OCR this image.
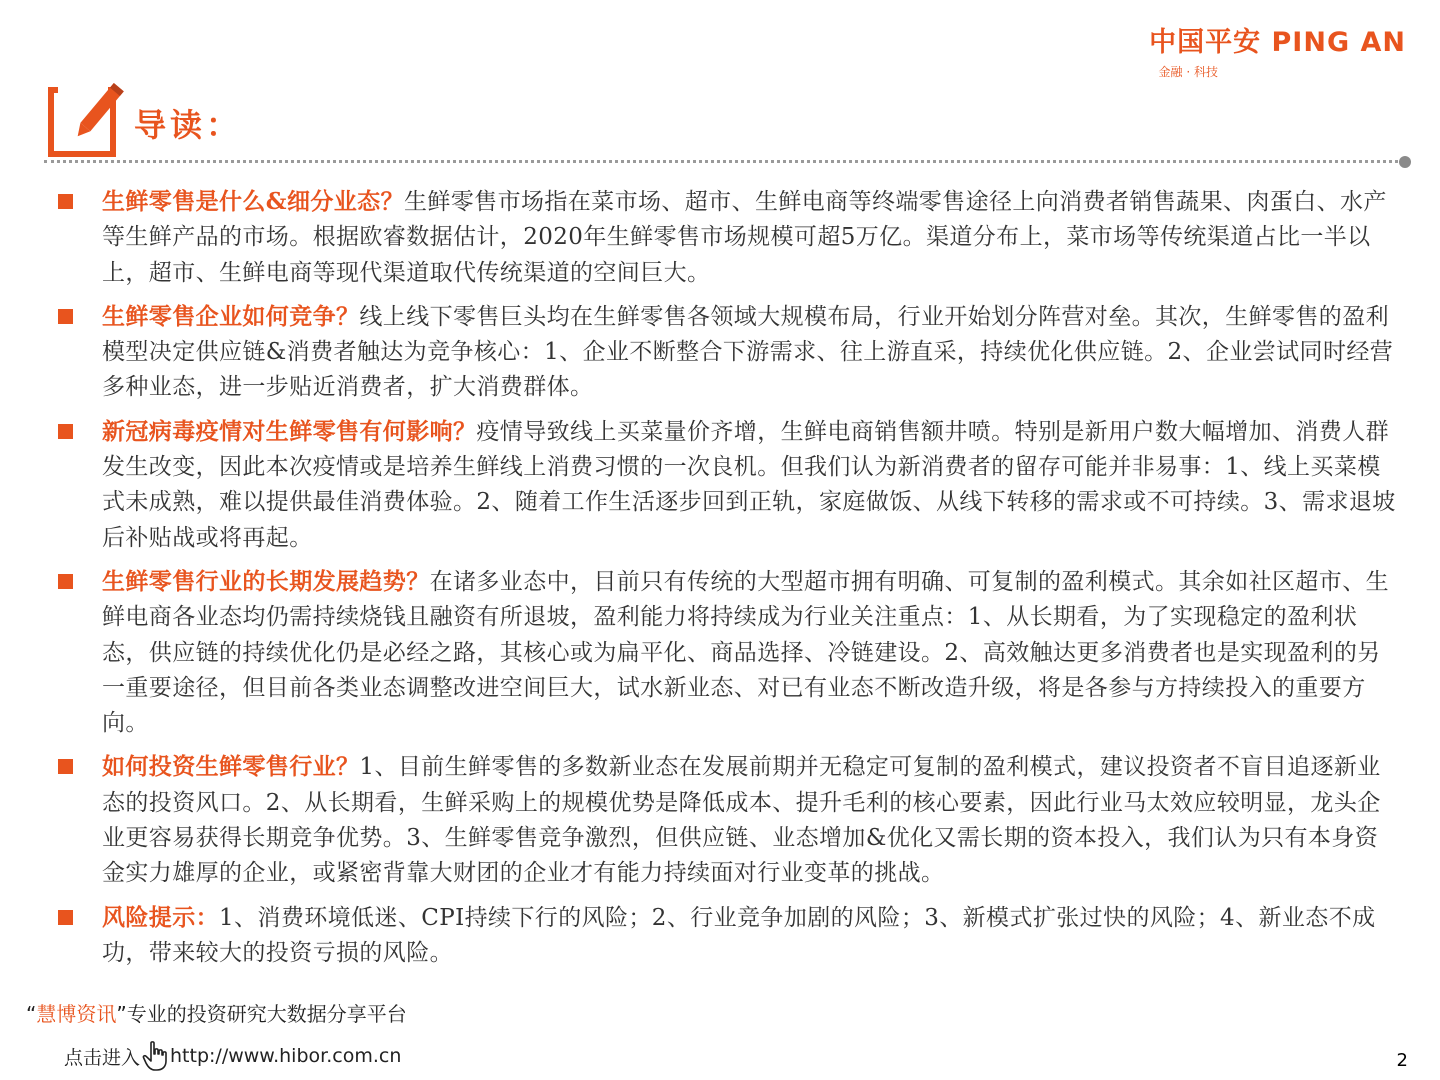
中国平安 PING AN
金融 · 科技
导读：

生鲜零售是什么&细分业态？生鲜零售市场指在菜市场、超市、生鲜电商等终端零售途径上向消费者销售蔬果、肉蛋白、水产等生鲜产品的市场。根据欧睿数据估计，2020年生鲜零售市场规模可超5万亿。渠道分布上，菜市场等传统渠道占比一半以上，超市、生鲜电商等现代渠道取代传统渠道的空间巨大。

生鲜零售企业如何竞争？线上线下零售巨头均在生鲜零售各领域大规模布局，行业开始划分阵营对垒。其次，生鲜零售的盈利模型决定供应链&消费者触达为竞争核心：1、企业不断整合下游需求、往上游直采，持续优化供应链。2、企业尝试同时经营多种业态，进一步贴近消费者，扩大消费群体。

新冠病毒疫情对生鲜零售有何影响？疫情导致线上买菜量价齐增，生鲜电商销售额井喷。特别是新用户数大幅增加、消费人群发生改变，因此本次疫情或是培养生鲜线上消费习惯的一次良机。但我们认为新消费者的留存可能并非易事：1、线上买菜模式未成熟，难以提供最佳消费体验。2、随着工作生活逐步回到正轨，家庭做饭、从线下转移的需求或不可持续。3、需求退坡后补贴战或将再起。

生鲜零售行业的长期发展趋势？在诸多业态中，目前只有传统的大型超市拥有明确、可复制的盈利模式。其余如社区超市、生鲜电商各业态均仍需持续烧钱且融资有所退坡，盈利能力将持续成为行业关注重点：1、从长期看，为了实现稳定的盈利状态，供应链的持续优化仍是必经之路，其核心或为扁平化、商品选择、冷链建设。2、高效触达更多消费者也是实现盈利的另一重要途径，但目前各类业态调整改进空间巨大，试水新业态、对已有业态不断改造升级，将是各参与方持续投入的重要方向。

如何投资生鲜零售行业？1、目前生鲜零售的多数新业态在发展前期并无稳定可复制的盈利模式，建议投资者不盲目追逐新业态的投资风口。2、从长期看，生鲜采购上的规模优势是降低成本、提升毛利的核心要素，因此行业马太效应较明显，龙头企业更容易获得长期竞争优势。3、生鲜零售竞争激烈，但供应链、业态增加&优化又需长期的资本投入，我们认为只有本身资金实力雄厚的企业，或紧密背靠大财团的企业才有能力持续面对行业变革的挑战。

风险提示：1、消费环境低迷、CPI持续下行的风险；2、行业竞争加剧的风险；3、新模式扩张过快的风险；4、新业态不成功，带来较大的投资亏损的风险。

“慧博资讯”专业的投资研究大数据分享平台
点击进入 http://www.hibor.com.cn	2
